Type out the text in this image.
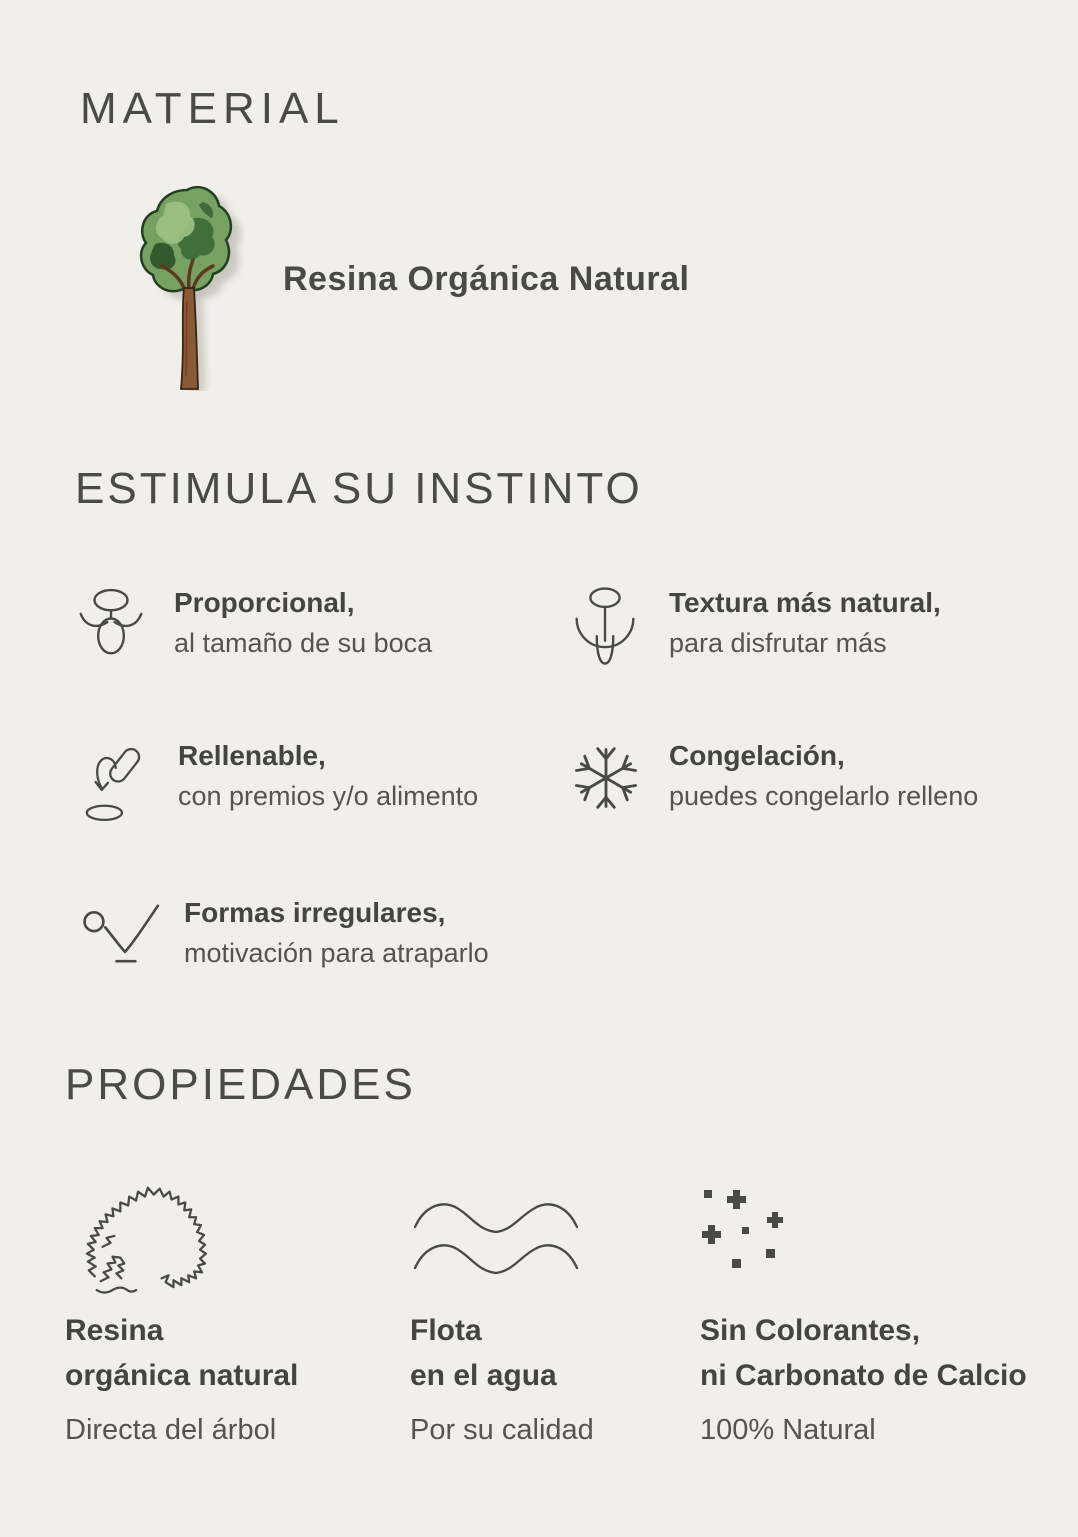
MATERIAL
Resina Orgánica Natural
ESTIMULA SU INSTINTO
Proporcional,
al tamaño de su boca
Textura más natural,
para disfrutar más
Rellenable,
con premios y/o alimento
Congelación,
puedes congelarlo relleno
Formas irregulares,
motivación para atraparlo
PROPIEDADES
Resina
orgánica natural
Directa del árbol
Flota
en el agua
Por su calidad
Sin Colorantes,
ni Carbonato de Calcio
100% Natural
